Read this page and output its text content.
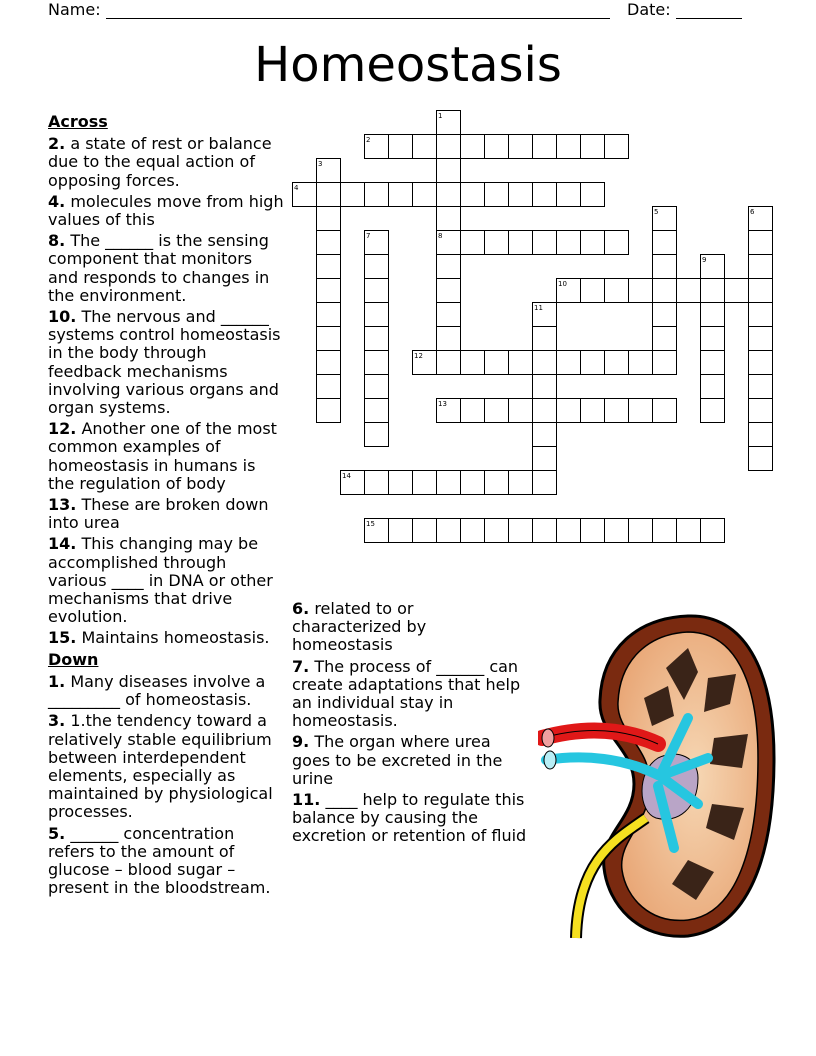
Name:	Date:
Homeostasis
Across
2. a state of rest or balance due to the equal action of opposing forces.
4. molecules move from high values of this
8. The ______ is the sensing component that monitors and responds to changes in the environment.
10. The nervous and ______ systems control homeostasis in the body through feedback mechanisms involving various organs and organ systems.
12. Another one of the most common examples of homeostasis in humans is the regulation of body
13. These are broken down into urea
14. This changing may be accomplished through various ____ in DNA or other mechanisms that drive evolution.
15. Maintains homeostasis.
Down
1. Many diseases involve a _________ of homeostasis.
3. 1.the tendency toward a relatively stable equilibrium between interdependent elements, especially as maintained by physiological processes.
5. ______ concentration refers to the amount of glucose – blood sugar – present in the bloodstream.
6. related to or characterized by homeostasis
7. The process of ______ can create adaptations that help an individual stay in homeostasis.
9. The organ where urea goes to be excreted in the urine
11. ____ help to regulate this balance by causing the excretion or retention of fluid
1
2
3
4
5	6
7	8
9
10
11
12
13
14
15
